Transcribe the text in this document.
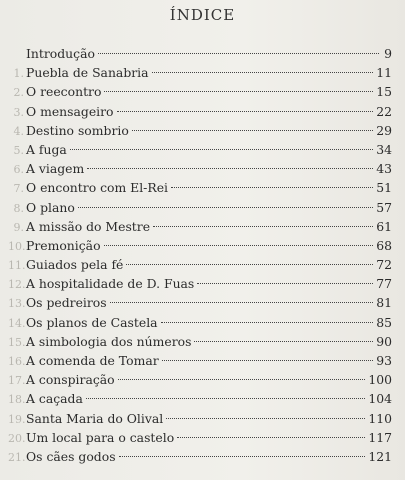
ÍNDICE
Introdução	9
1. Puebla de Sanabria	11
2. O reecontro	15
3. O mensageiro	22
4. Destino sombrio	29
5. A fuga	34
6. A viagem	43
7. O encontro com El-Rei	51
8. O plano	57
9. A missão do Mestre	61
10. Premonição	68
11. Guiados pela fé	72
12. A hospitalidade de D. Fuas	77
13. Os pedreiros	81
14. Os planos de Castela	85
15. A simbologia dos números	90
16. A comenda de Tomar	93
17. A conspiração	100
18. A caçada	104
19. Santa Maria do Olival	110
20. Um local para o castelo	117
21. Os cães godos	121
